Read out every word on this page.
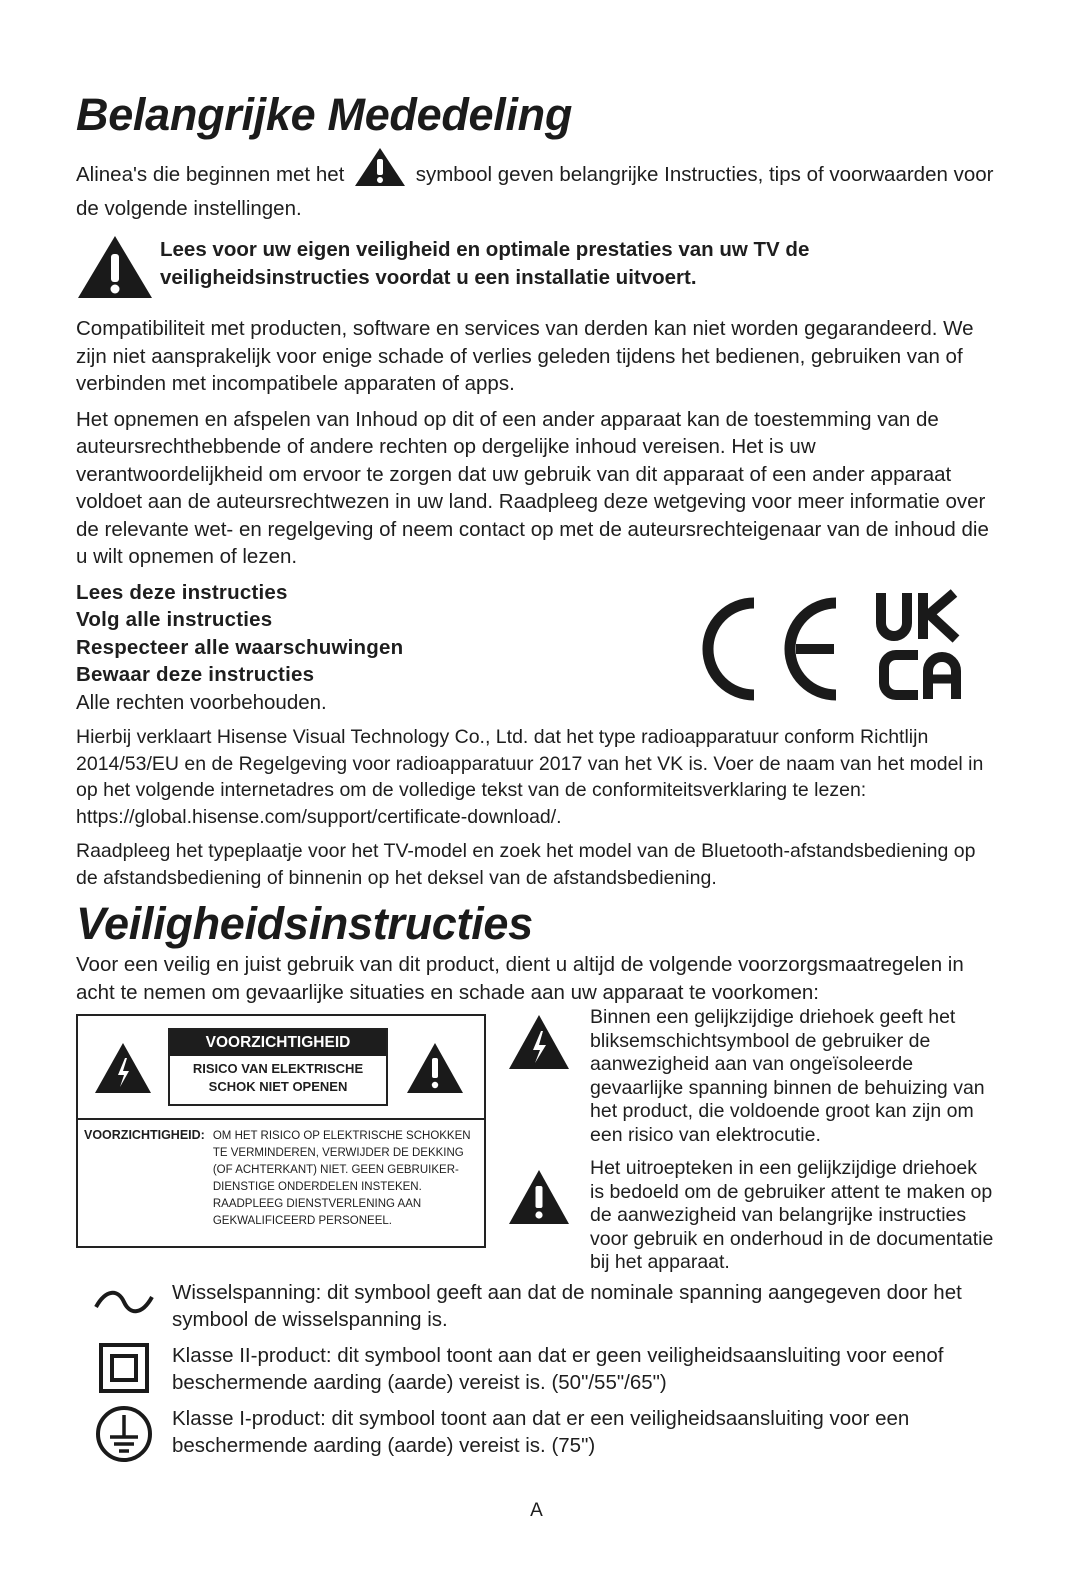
Belangrijke Mededeling

Alinea's die beginnen met het	symbool geven belangrijke Instructies, tips of voorwaarden voor de volgende instellingen.

Lees voor uw eigen veiligheid en optimale prestaties van uw TV de veiligheidsinstructies voordat u een installatie uitvoert.

Compatibiliteit met producten, software en services van derden kan niet worden gegarandeerd. We zijn niet aansprakelijk voor enige schade of verlies geleden tijdens het bedienen, gebruiken van of verbinden met incompatibele apparaten of apps.

Het opnemen en afspelen van Inhoud op dit of een ander apparaat kan de toestemming van de auteursrechthebbende of andere rechten op dergelijke inhoud vereisen. Het is uw verantwoordelijkheid om ervoor te zorgen dat uw gebruik van dit apparaat of een ander apparaat voldoet aan de auteursrechtwezen in uw land. Raadpleeg deze wetgeving voor meer informatie over de relevante wet- en regelgeving of neem contact op met de auteursrechteigenaar van de inhoud die u wilt opnemen of lezen.

Lees deze instructies
Volg alle instructies
Respecteer alle waarschuwingen
Bewaar deze instructies
Alle rechten voorbehouden.

Hierbij verklaart Hisense Visual Technology Co., Ltd. dat het type radioapparatuur conform Richtlijn 2014/53/EU en de Regelgeving voor radioapparatuur 2017 van het VK is. Voer de naam van het model in op het volgende internetadres om de volledige tekst van de conformiteitsverklaring te lezen: https://global.hisense.com/support/certificate-download/.

Raadpleeg het typeplaatje voor het TV-model en zoek het model van de Bluetooth-afstandsbediening op de afstandsbediening of binnenin op het deksel van de afstandsbediening.

Veiligheidsinstructies

Voor een veilig en juist gebruik van dit product, dient u altijd de volgende voorzorgsmaatregelen in acht te nemen om gevaarlijke situaties en schade aan uw apparaat te voorkomen:

VOORZICHTIGHEID
RISICO VAN ELEKTRISCHE
SCHOK NIET OPENEN
VOORZICHTIGHEID: OM HET RISICO OP ELEKTRISCHE SCHOKKEN TE VERMINDEREN, VERWIJDER DE DEKKING (OF ACHTERKANT) NIET. GEEN GEBRUIKER-DIENSTIGE ONDERDELEN INSTEKEN. RAADPLEEG DIENSTVERLENING AAN GEKWALIFICEERD PERSONEEL.
Binnen een gelijkzijdige driehoek geeft het bliksemschichtsymbool de gebruiker de aanwezigheid aan van ongeïsoleerde gevaarlijke spanning binnen de behuizing van het product, die voldoende groot kan zijn om een risico van elektrocutie.
Het uitroepteken in een gelijkzijdige driehoek is bedoeld om de gebruiker attent te maken op de aanwezigheid van belangrijke instructies voor gebruik en onderhoud in de documentatie bij het apparaat.
Wisselspanning: dit symbool geeft aan dat de nominale spanning aangegeven door het symbool de wisselspanning is.
Klasse II-product: dit symbool toont aan dat er geen veiligheidsaansluiting voor eenof beschermende aarding (aarde) vereist is. (50"/55"/65")
Klasse I-product: dit symbool toont aan dat er een veiligheidsaansluiting voor een beschermende aarding (aarde) vereist is. (75")
A
